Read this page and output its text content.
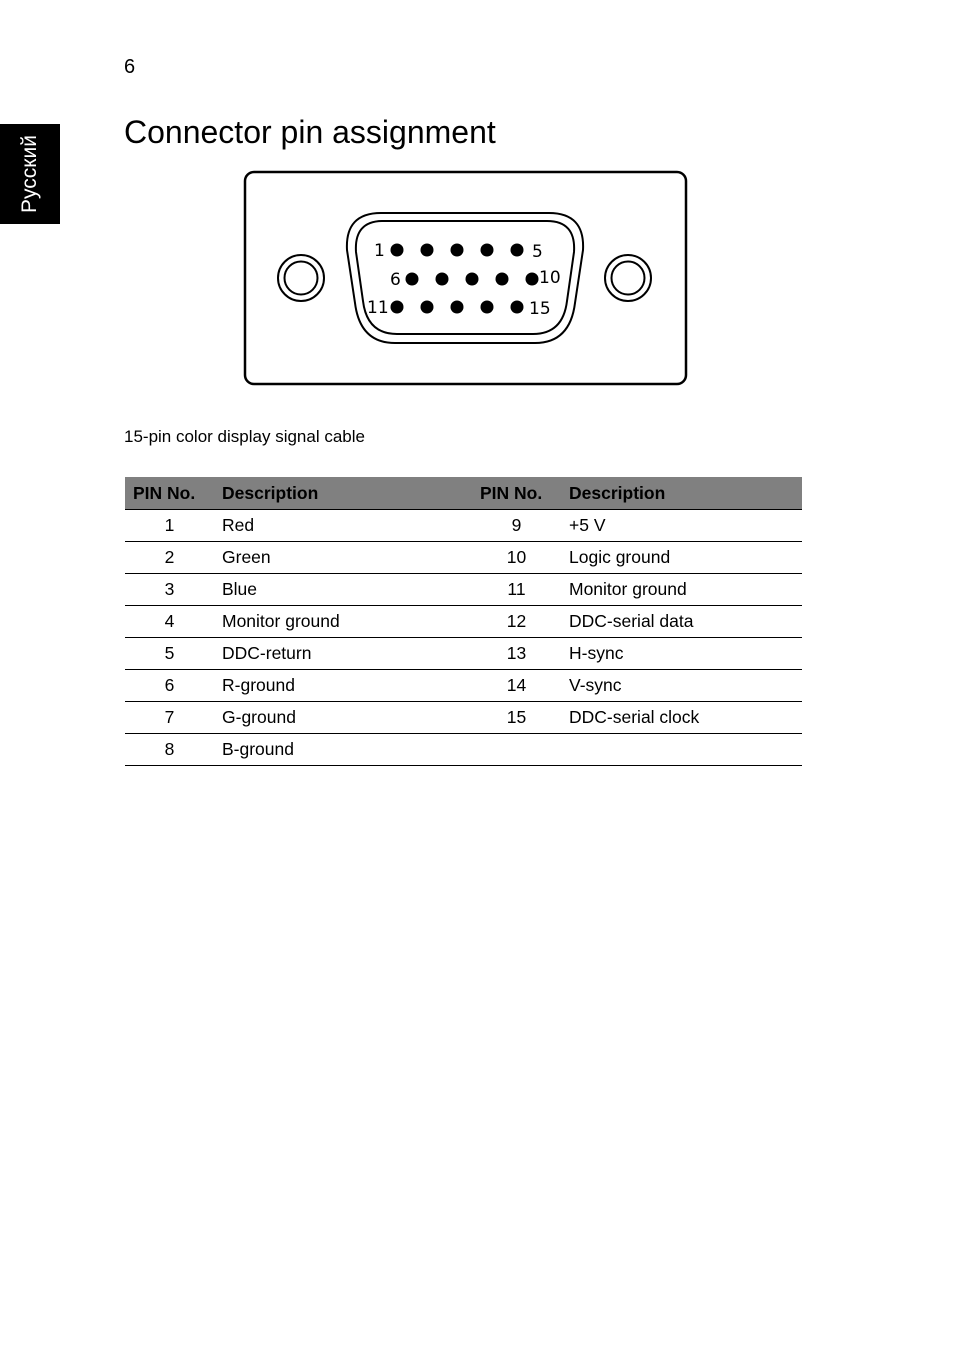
6
Русский
Connector pin assignment
1	5
6	10
11	15
15-pin color display signal cable
PIN No.	Description	PIN No.	Description
1	Red	9	+5 V
2	Green	10	Logic ground
3	Blue	11	Monitor ground
4	Monitor ground	12	DDC-serial data
5	DDC-return	13	H-sync
6	R-ground	14	V-sync
7	G-ground	15	DDC-serial clock
8	B-ground		
